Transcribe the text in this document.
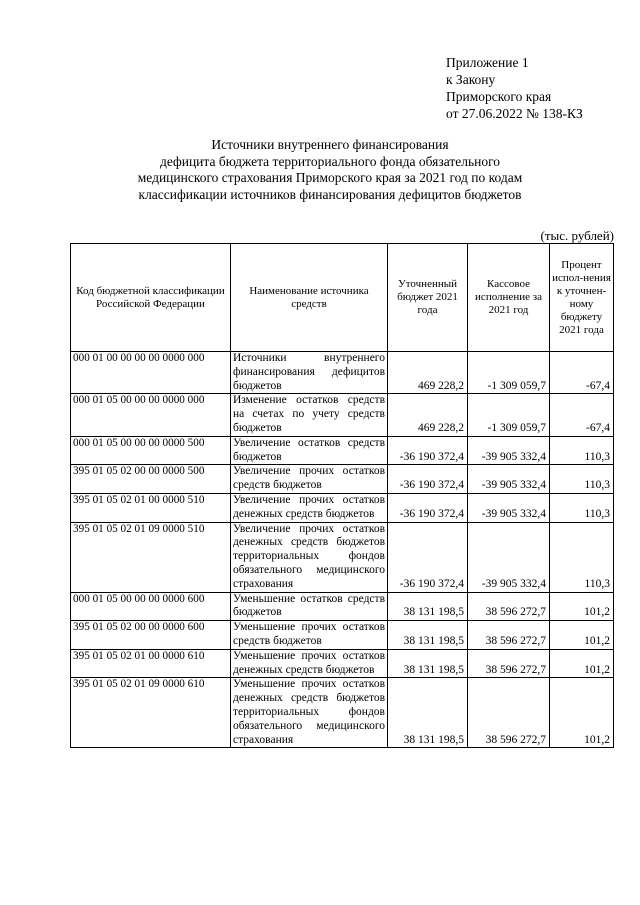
Приложение 1
к Закону
Приморского края
от 27.06.2022 № 138-КЗ
Источники внутреннего финансирования
дефицита бюджета территориального фонда обязательного
медицинского страхования Приморского края за 2021 год по кодам
классификации источников финансирования дефицитов бюджетов
(тыс. рублей)
Код бюджетной классификации Российской Федерации	Наименование источника средств	Уточненный бюджет 2021 года	Кассовое исполнение за 2021 год	Процент испол-нения к уточнен-ному бюджету 2021 года
000 01 00 00 00 00 0000 000	Источники внутреннего финансирования дефицитов бюджетов	469 228,2	-1 309 059,7	-67,4
000 01 05 00 00 00 0000 000	Изменение остатков средств на счетах по учету средств бюджетов	469 228,2	-1 309 059,7	-67,4
000 01 05 00 00 00 0000 500	Увеличение остатков средств бюджетов	-36 190 372,4	-39 905 332,4	110,3
395 01 05 02 00 00 0000 500	Увеличение прочих остатков средств бюджетов	-36 190 372,4	-39 905 332,4	110,3
395 01 05 02 01 00 0000 510	Увеличение прочих остатков денежных средств бюджетов	-36 190 372,4	-39 905 332,4	110,3
395 01 05 02 01 09 0000 510	Увеличение прочих остатков денежных средств бюджетов территориальных фондов обязательного медицинского страхования	-36 190 372,4	-39 905 332,4	110,3
000 01 05 00 00 00 0000 600	Уменьшение остатков средств бюджетов	38 131 198,5	38 596 272,7	101,2
395 01 05 02 00 00 0000 600	Уменьшение прочих остатков средств бюджетов	38 131 198,5	38 596 272,7	101,2
395 01 05 02 01 00 0000 610	Уменьшение прочих остатков денежных средств бюджетов	38 131 198,5	38 596 272,7	101,2
395 01 05 02 01 09 0000 610	Уменьшение прочих остатков денежных средств бюджетов территориальных фондов обязательного медицинского страхования	38 131 198,5	38 596 272,7	101,2
